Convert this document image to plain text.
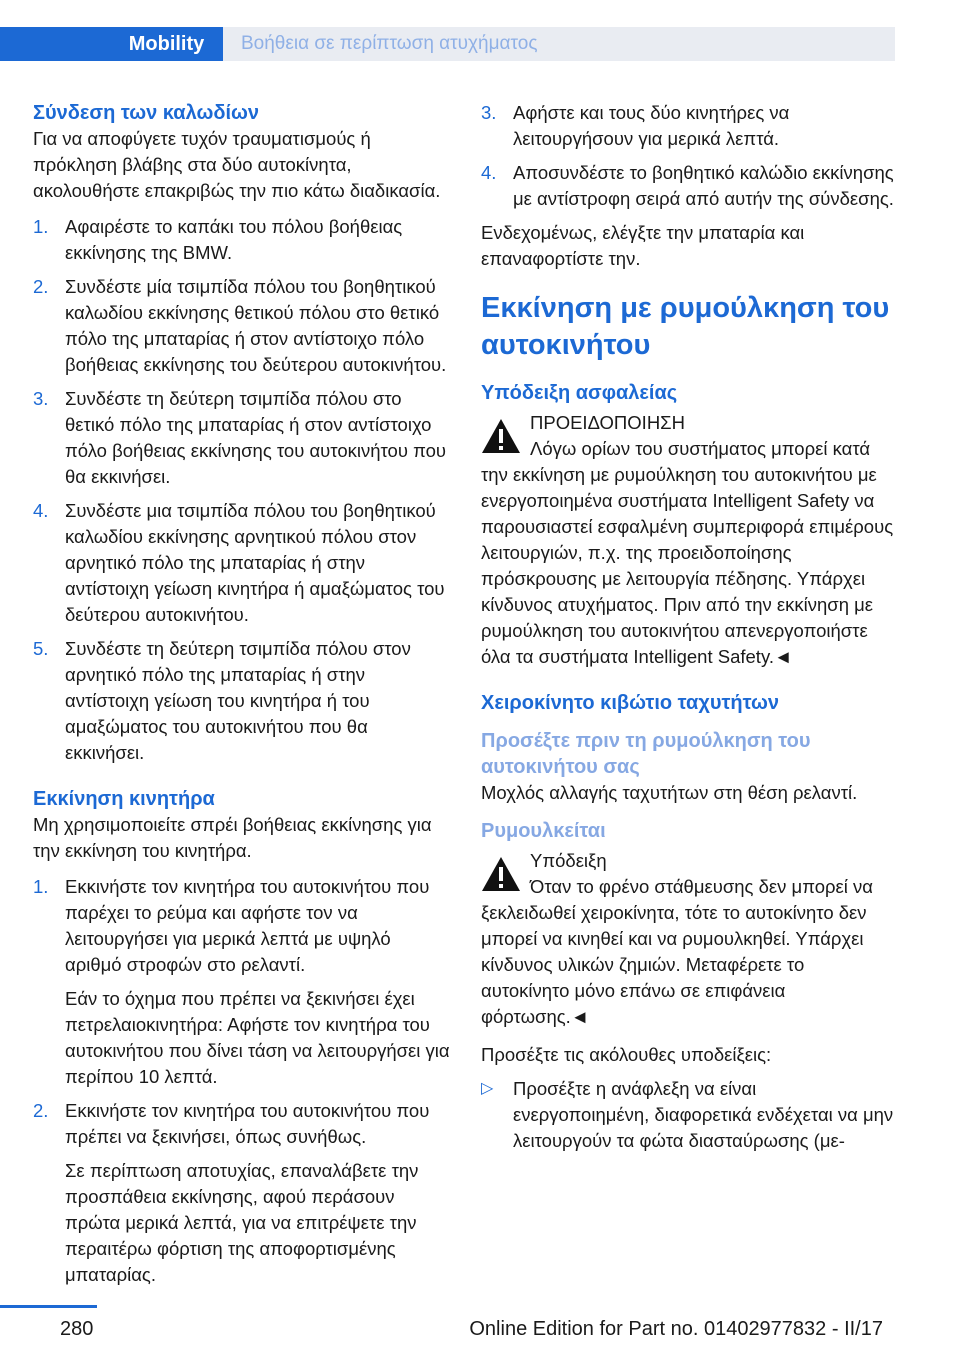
Mobility	Βοήθεια σε περίπτωση ατυχήματος

Σύνδεση των καλωδίων

Για να αποφύγετε τυχόν τραυματισμούς ή πρόκληση βλάβης στα δύο αυτοκίνητα, ακολουθήστε επακριβώς την πιο κάτω διαδικασία.

1. Αφαιρέστε το καπάκι του πόλου βοήθειας εκκίνησης της BMW.
2. Συνδέστε μία τσιμπίδα πόλου του βοηθητικού καλωδίου εκκίνησης θετικού πόλου στο θετικό πόλο της μπαταρίας ή στον αντίστοιχο πόλο βοήθειας εκκίνησης του δεύτερου αυτοκινήτου.
3. Συνδέστε τη δεύτερη τσιμπίδα πόλου στο θετικό πόλο της μπαταρίας ή στον αντίστοιχο πόλο βοήθειας εκκίνησης του αυτοκινήτου που θα εκκινήσει.
4. Συνδέστε μια τσιμπίδα πόλου του βοηθητικού καλωδίου εκκίνησης αρνητικού πόλου στον αρνητικό πόλο της μπαταρίας ή στην αντίστοιχη γείωση κινητήρα ή αμαξώματος του δεύτερου αυτοκινήτου.
5. Συνδέστε τη δεύτερη τσιμπίδα πόλου στον αρνητικό πόλο της μπαταρίας ή στην αντίστοιχη γείωση του κινητήρα ή του αμαξώματος του αυτοκινήτου που θα εκκινήσει.

Εκκίνηση κινητήρα

Μη χρησιμοποιείτε σπρέι βοήθειας εκκίνησης για την εκκίνηση του κινητήρα.

1. Εκκινήστε τον κινητήρα του αυτοκινήτου που παρέχει το ρεύμα και αφήστε τον να λειτουργήσει για μερικά λεπτά με υψηλό αριθμό στροφών στο ρελαντί.
Εάν το όχημα που πρέπει να ξεκινήσει έχει πετρελαιοκινητήρα: Αφήστε τον κινητήρα του αυτοκινήτου που δίνει τάση να λειτουργήσει για περίπου 10 λεπτά.
2. Εκκινήστε τον κινητήρα του αυτοκινήτου που πρέπει να ξεκινήσει, όπως συνήθως.
Σε περίπτωση αποτυχίας, επαναλάβετε την προσπάθεια εκκίνησης, αφού περάσουν πρώτα μερικά λεπτά, για να επιτρέψετε την περαιτέρω φόρτιση της αποφορτισμένης μπαταρίας.
3. Αφήστε και τους δύο κινητήρες να λειτουργήσουν για μερικά λεπτά.
4. Αποσυνδέστε το βοηθητικό καλώδιο εκκίνησης με αντίστροφη σειρά από αυτήν της σύνδεσης.

Ενδεχομένως, ελέγξτε την μπαταρία και επαναφορτίστε την.

Εκκίνηση με ρυμούλκηση του αυτοκινήτου

Υπόδειξη ασφαλείας

ΠΡΟΕΙΔΟΠΟΙΗΣΗ

Λόγω ορίων του συστήματος μπορεί κατά την εκκίνηση με ρυμούλκηση του αυτοκινήτου με ενεργοποιημένα συστήματα Intelligent Safety να παρουσιαστεί εσφαλμένη συμπεριφορά επιμέρους λειτουργιών, π.χ. της προειδοποίησης πρόσκρουσης με λειτουργία πέδησης. Υπάρχει κίνδυνος ατυχήματος. Πριν από την εκκίνηση με ρυμούλκηση του αυτοκινήτου απενεργοποιήστε όλα τα συστήματα Intelligent Safety.◄

Χειροκίνητο κιβώτιο ταχυτήτων

Προσέξτε πριν τη ρυμούλκηση του αυτοκινήτου σας

Μοχλός αλλαγής ταχυτήτων στη θέση ρελαντί.

Ρυμουλκείται

Υπόδειξη

Όταν το φρένο στάθμευσης δεν μπορεί να ξεκλειδωθεί χειροκίνητα, τότε το αυτοκίνητο δεν μπορεί να κινηθεί και να ρυμουλκηθεί. Υπάρχει κίνδυνος υλικών ζημιών. Μεταφέρετε το αυτοκίνητο μόνο επάνω σε επιφάνεια φόρτωσης.◄

Προσέξτε τις ακόλουθες υποδείξεις:

▷	Προσέξτε η ανάφλεξη να είναι ενεργοποιημένη, διαφορετικά ενδέχεται να μην λειτουργούν τα φώτα διασταύρωσης (με-
280	Online Edition for Part no. 01402977832 - II/17
